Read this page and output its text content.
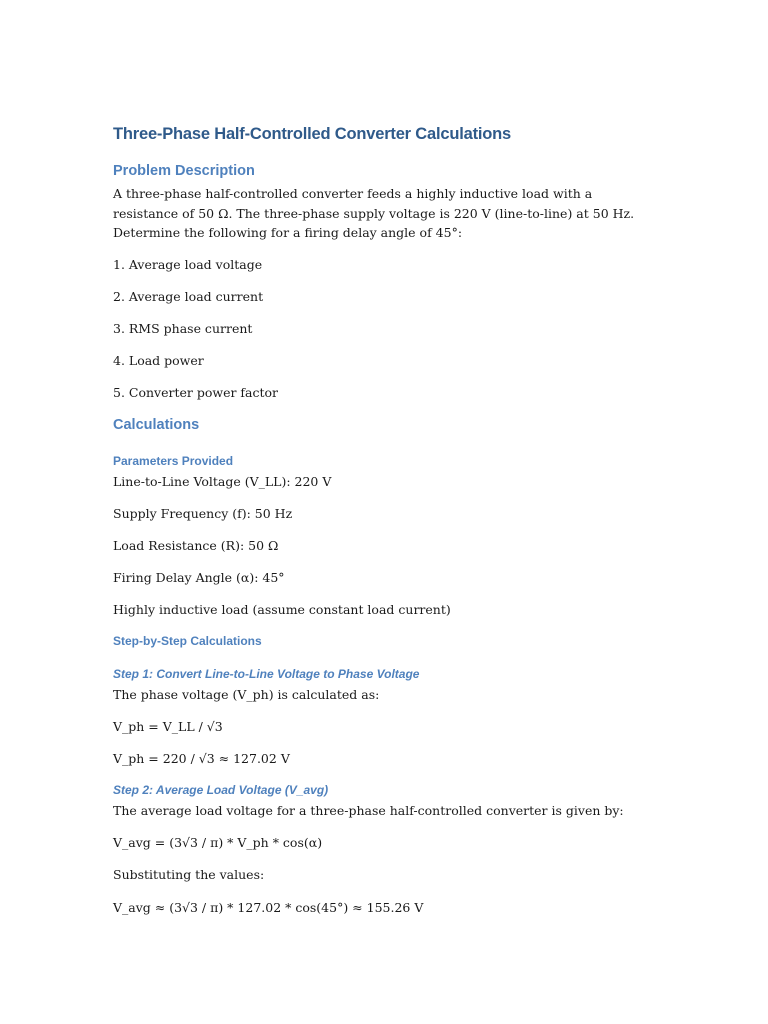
Three-Phase Half-Controlled Converter Calculations
Problem Description

A three-phase half-controlled converter feeds a highly inductive load with a resistance of 50 Ω. The three-phase supply voltage is 220 V (line-to-line) at 50 Hz. Determine the following for a firing delay angle of 45°:

1. Average load voltage

2. Average load current

3. RMS phase current

4. Load power

5. Converter power factor

Calculations
Parameters Provided

Line-to-Line Voltage (V_LL): 220 V

Supply Frequency (f): 50 Hz

Load Resistance (R): 50 Ω

Firing Delay Angle (α): 45°

Highly inductive load (assume constant load current)

Step-by-Step Calculations
Step 1: Convert Line-to-Line Voltage to Phase Voltage

The phase voltage (V_ph) is calculated as:

V_ph = V_LL / √3

V_ph = 220 / √3 ≈ 127.02 V

Step 2: Average Load Voltage (V_avg)

The average load voltage for a three-phase half-controlled converter is given by:

V_avg = (3√3 / π) * V_ph * cos(α)

Substituting the values:

V_avg ≈ (3√3 / π) * 127.02 * cos(45°) ≈ 155.26 V
